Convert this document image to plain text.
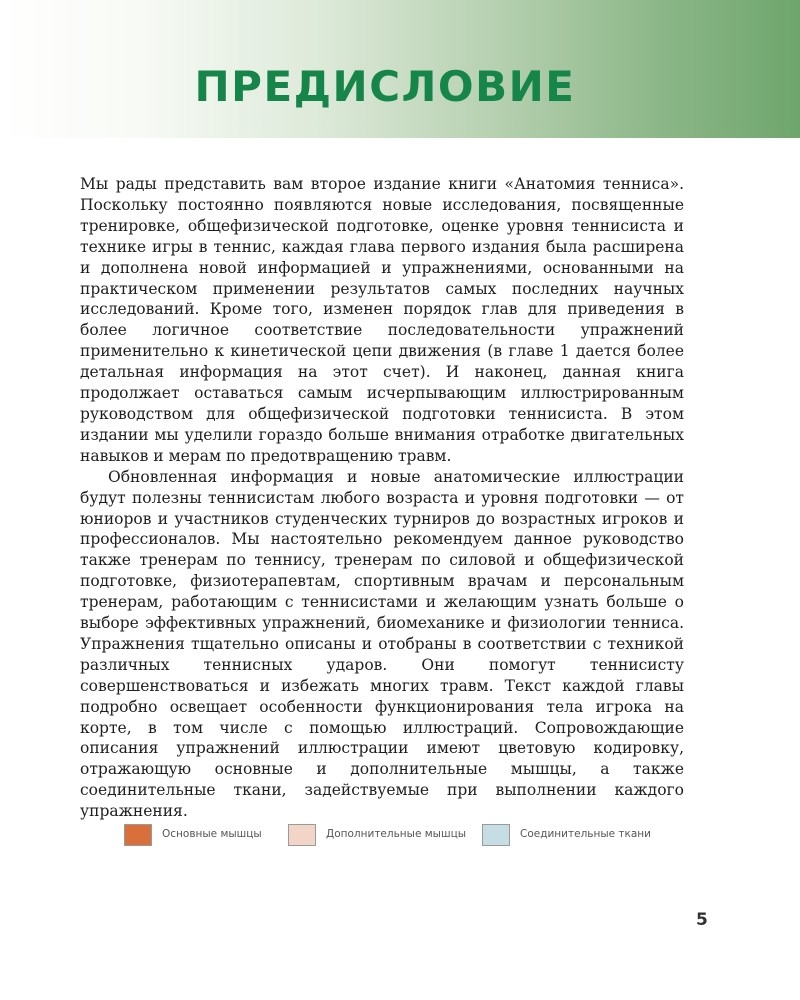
ПРЕДИСЛОВИЕ

Мы рады представить вам второе издание книги «Анатомия тенниса». Поскольку постоянно появляются новые исследования, посвященные тренировке, общефизической подготовке, оценке уровня теннисиста и технике игры в теннис, каждая глава первого издания была расширена и дополнена новой информацией и упражнениями, основанными на практическом применении результатов самых последних научных исследований. Кроме того, изменен порядок глав для приведения в более логичное соответствие последовательности упражнений применительно к кинетической цепи движения (в главе 1 дается более детальная информация на этот счет). И наконец, данная книга продолжает оставаться самым исчерпывающим иллюстрированным руководством для общефизической подготовки теннисиста. В этом издании мы уделили гораздо больше внимания отработке двигательных навыков и мерам по предотвращению травм.

Обновленная информация и новые анатомические иллюстрации будут полезны теннисистам любого возраста и уровня подготовки — от юниоров и участников студенческих турниров до возрастных игроков и профессионалов. Мы настоятельно рекомендуем данное руководство также тренерам по теннису, тренерам по силовой и общефизической подготовке, физиотерапевтам, спортивным врачам и персональным тренерам, работающим с теннисистами и желающим узнать больше о выборе эффективных упражнений, биомеханике и физиологии тенниса. Упражнения тщательно описаны и отобраны в соответствии с техникой различных теннисных ударов. Они помогут теннисисту совершенствоваться и избежать многих травм. Текст каждой главы подробно освещает особенности функционирования тела игрока на корте, в том числе с помощью иллюстраций. Сопровождающие описания упражнений иллюстрации имеют цветовую кодировку, отражающую основные и дополнительные мышцы, а также соединительные ткани, задействуемые при выполнении каждого упражнения.

Основные мышцы	Дополнительные мышцы	Соединительные ткани
5
